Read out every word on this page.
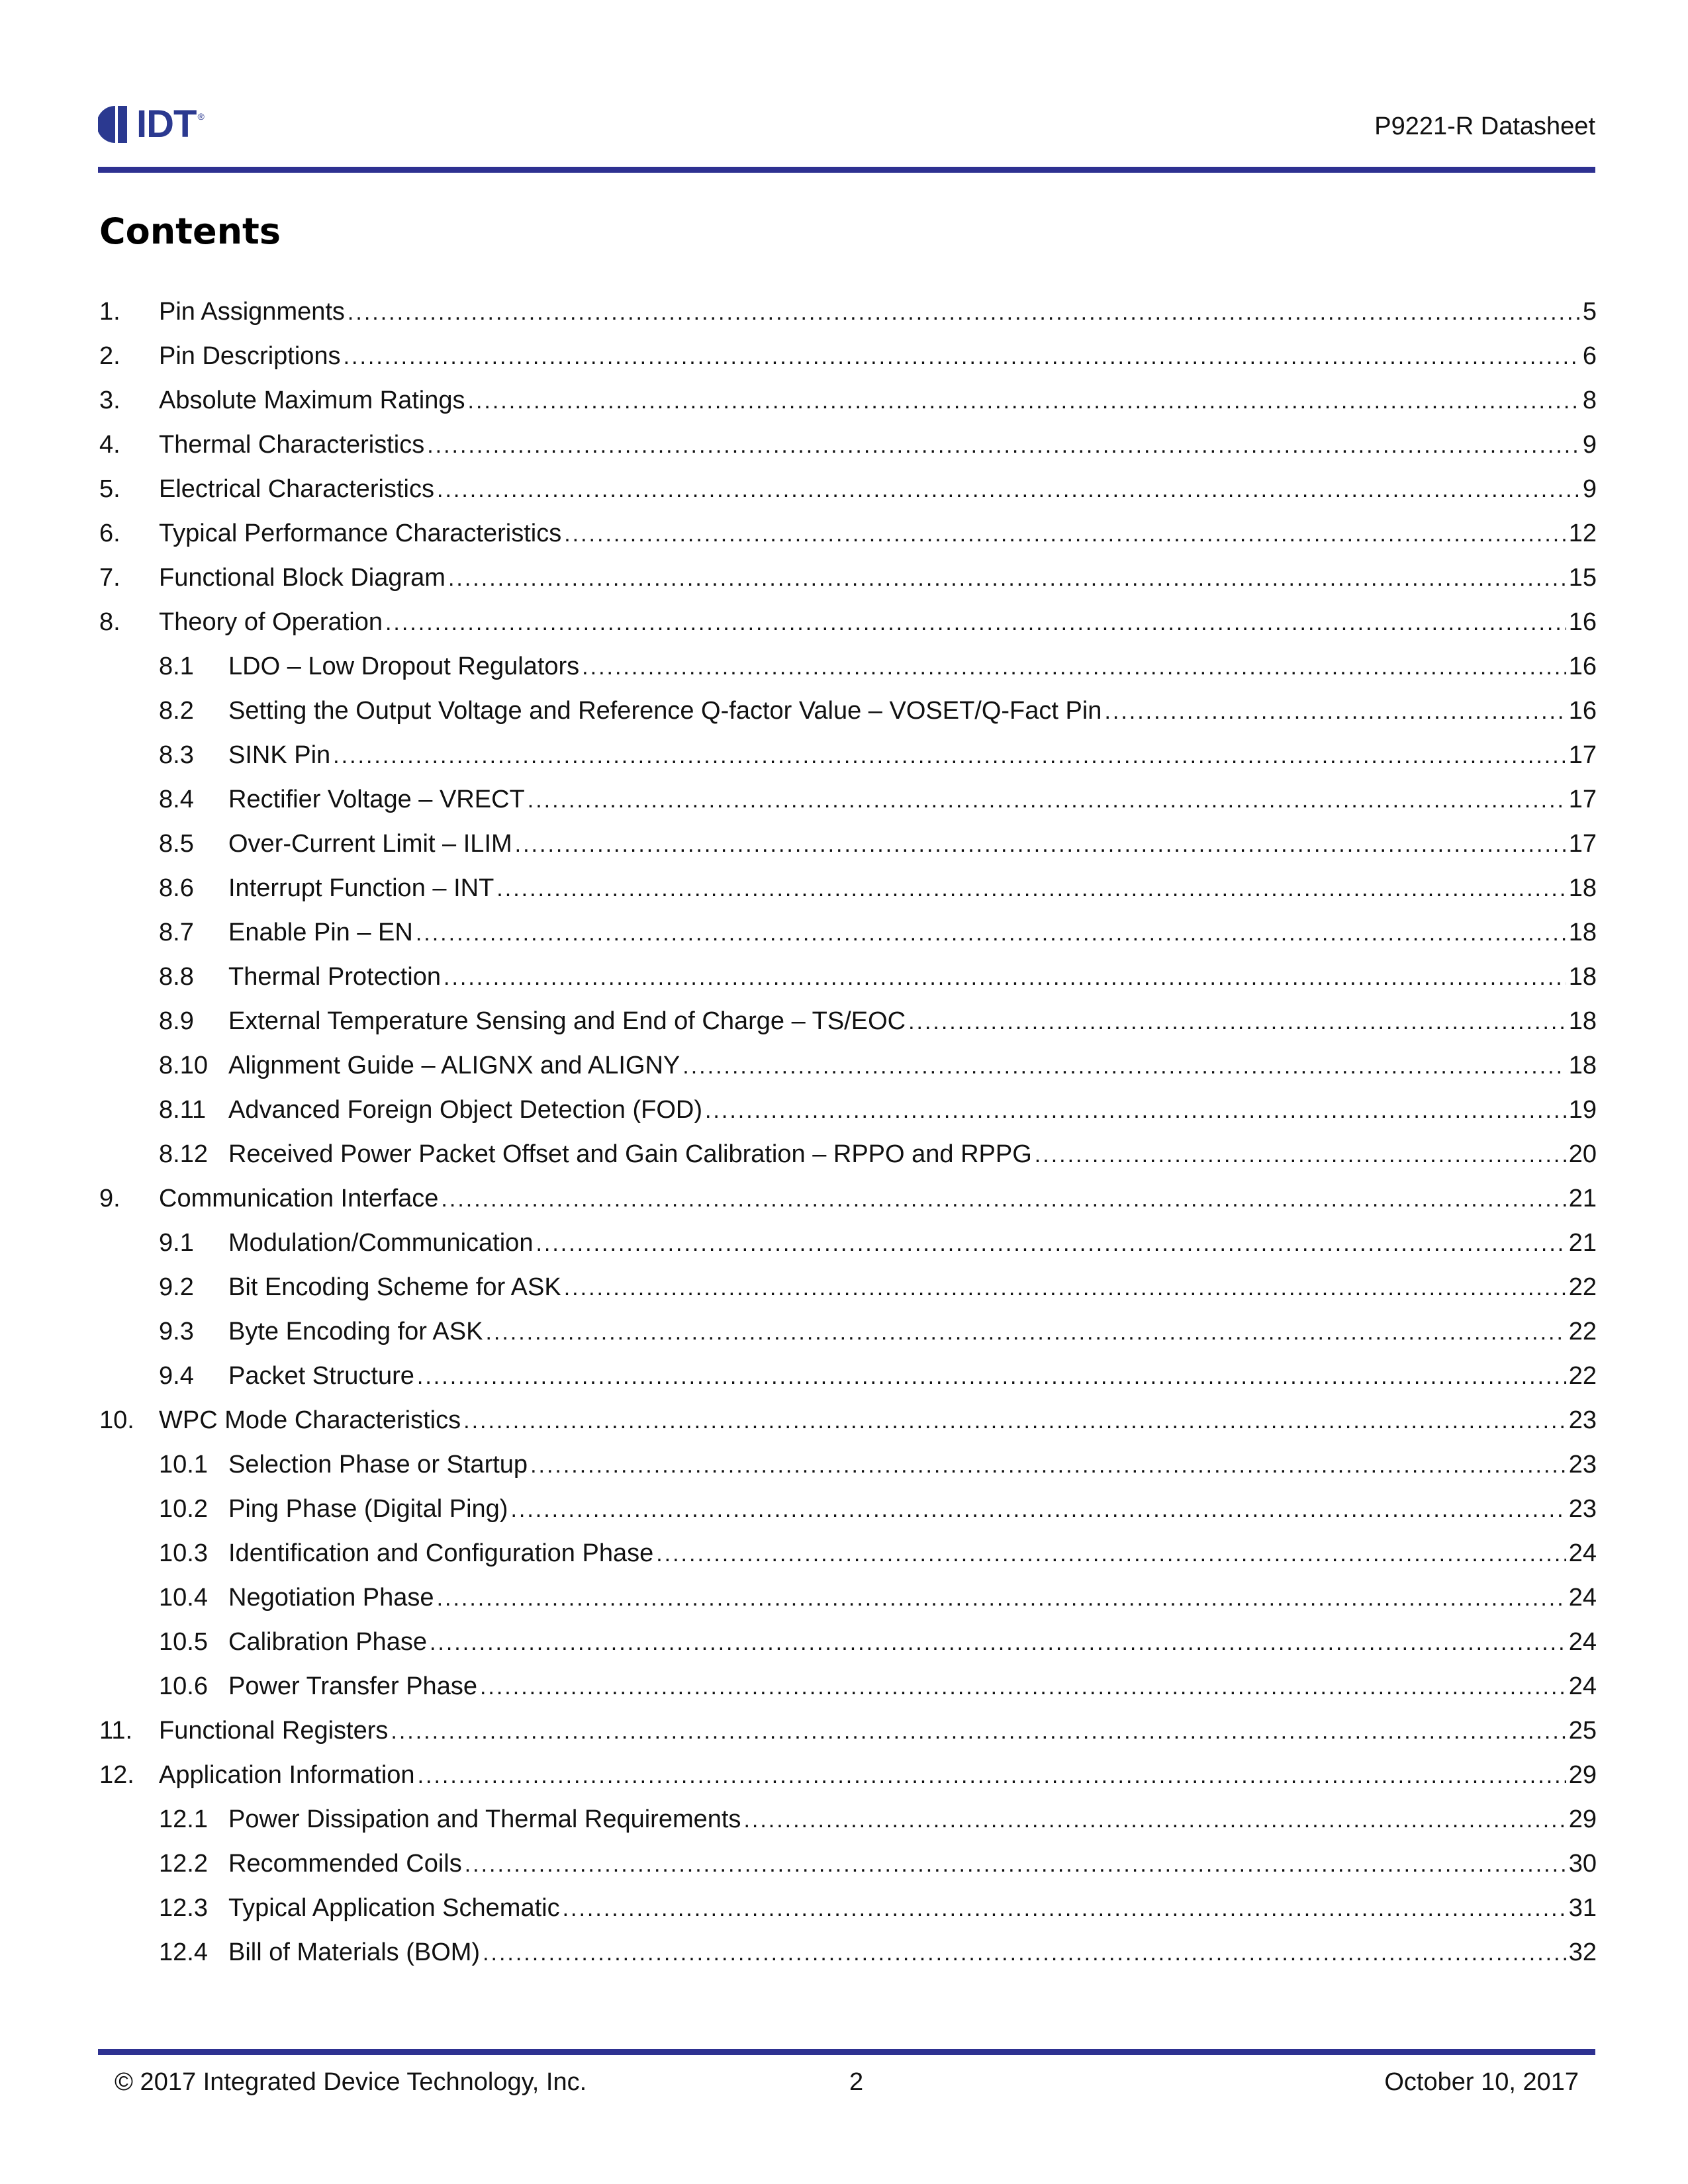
IDT ®	P9221-R Datasheet
Contents
1. Pin Assignments .....	5
2. Pin Descriptions .....	6
3. Absolute Maximum Ratings .....	8
4. Thermal Characteristics .....	9
5. Electrical Characteristics .....	9
6. Typical Performance Characteristics .....	12
7. Functional Block Diagram .....	15
8. Theory of Operation .....	16
8.1 LDO – Low Dropout Regulators .....	16
8.2 Setting the Output Voltage and Reference Q-factor Value – VOSET/Q-Fact Pin .....	16
8.3 SINK Pin .....	17
8.4 Rectifier Voltage – VRECT .....	17
8.5 Over-Current Limit – ILIM .....	17
8.6 Interrupt Function – INT .....	18
8.7 Enable Pin – EN .....	18
8.8 Thermal Protection .....	18
8.9 External Temperature Sensing and End of Charge – TS/EOC .....	18
8.10 Alignment Guide – ALIGNX and ALIGNY .....	18
8.11 Advanced Foreign Object Detection (FOD) .....	19
8.12 Received Power Packet Offset and Gain Calibration – RPPO and RPPG .....	20
9. Communication Interface .....	21
9.1 Modulation/Communication .....	21
9.2 Bit Encoding Scheme for ASK .....	22
9.3 Byte Encoding for ASK .....	22
9.4 Packet Structure .....	22
10. WPC Mode Characteristics .....	23
10.1 Selection Phase or Startup .....	23
10.2 Ping Phase (Digital Ping) .....	23
10.3 Identification and Configuration Phase .....	24
10.4 Negotiation Phase .....	24
10.5 Calibration Phase .....	24
10.6 Power Transfer Phase .....	24
11. Functional Registers .....	25
12. Application Information .....	29
12.1 Power Dissipation and Thermal Requirements .....	29
12.2 Recommended Coils .....	30
12.3 Typical Application Schematic .....	31
12.4 Bill of Materials (BOM) .....	32
© 2017 Integrated Device Technology, Inc.	2	October 10, 2017
